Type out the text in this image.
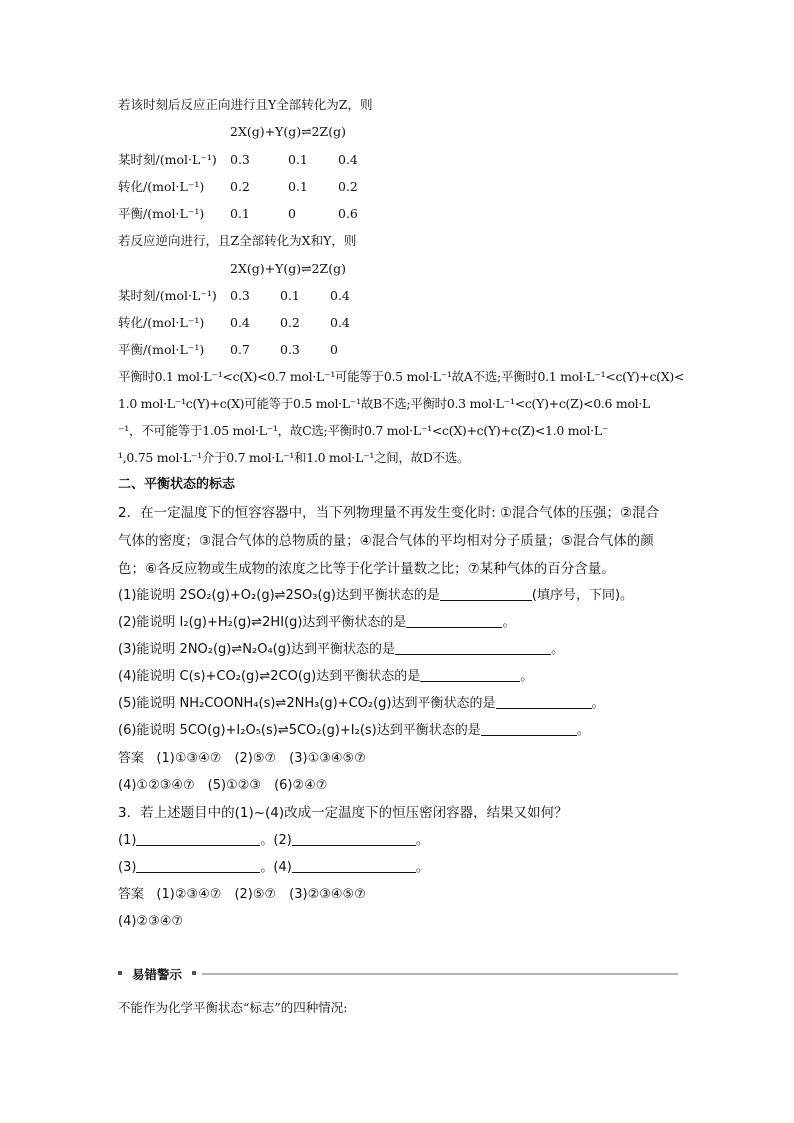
若该时刻后反应正向进行且Y全部转化为Z，则
2X(g)+Y(g)⇌2Z(g)
某时刻/(mol·L⁻¹) 0.3	0.1 0.4
转化/(mol·L⁻¹) 0.2	0.1 0.2
平衡/(mol·L⁻¹) 0.1	0	0.6
若反应逆向进行，且Z全部转化为X和Y，则
2X(g)+Y(g)⇌2Z(g)
某时刻/(mol·L⁻¹) 0.3 0.1 0.4
转化/(mol·L⁻¹) 0.4 0.2 0.4
平衡/(mol·L⁻¹) 0.7 0.3 0
平衡时0.1 mol·L⁻¹<c(X)<0.7 mol·L⁻¹可能等于0.5 mol·L⁻¹故A不选;平衡时0.1 mol·L⁻¹<c(Y)+c(X)<
1.0 mol·L⁻¹c(Y)+c(X)可能等于0.5 mol·L⁻¹故B不选;平衡时0.3 mol·L⁻¹<c(Y)+c(Z)<0.6 mol·L
⁻¹，不可能等于1.05 mol·L⁻¹，故C选;平衡时0.7 mol·L⁻¹<c(X)+c(Y)+c(Z)<1.0 mol·L⁻
¹,0.75 mol·L⁻¹介于0.7 mol·L⁻¹和1.0 mol·L⁻¹之间，故D不选。
二、平衡状态的标志
2．在一定温度下的恒容容器中，当下列物理量不再发生变化时: ①混合气体的压强；②混合
气体的密度；③混合气体的总物质的量；④混合气体的平均相对分子质量；⑤混合气体的颜
色；⑥各反应物或生成物的浓度之比等于化学计量数之比；⑦某种气体的百分含量。
(1)能说明 2SO₂(g)+O₂(g)⇌2SO₃(g)达到平衡状态的是	(填序号，下同)。
(2)能说明 I₂(g)+H₂(g)⇌2HI(g)达到平衡状态的是	。
(3)能说明 2NO₂(g)⇌N₂O₄(g)达到平衡状态的是	。
(4)能说明 C(s)+CO₂(g)⇌2CO(g)达到平衡状态的是	。
(5)能说明 NH₂COONH₄(s)⇌2NH₃(g)+CO₂(g)达到平衡状态的是	。
(6)能说明 5CO(g)+I₂O₅(s)⇌5CO₂(g)+I₂(s)达到平衡状态的是	。
答案 (1)①③④⑦　(2)⑤⑦　(3)①③④⑤⑦
(4)①②③④⑦　(5)①②③　(6)②④⑦
3．若上述题目中的(1)~(4)改成一定温度下的恒压密闭容器，结果又如何？
(1)	。(2)	。
(3)	。(4)	。
答案 (1)②③④⑦　(2)⑤⑦　(3)②③④⑤⑦
(4)②③④⑦
易错警示
不能作为化学平衡状态“标志”的四种情况:
